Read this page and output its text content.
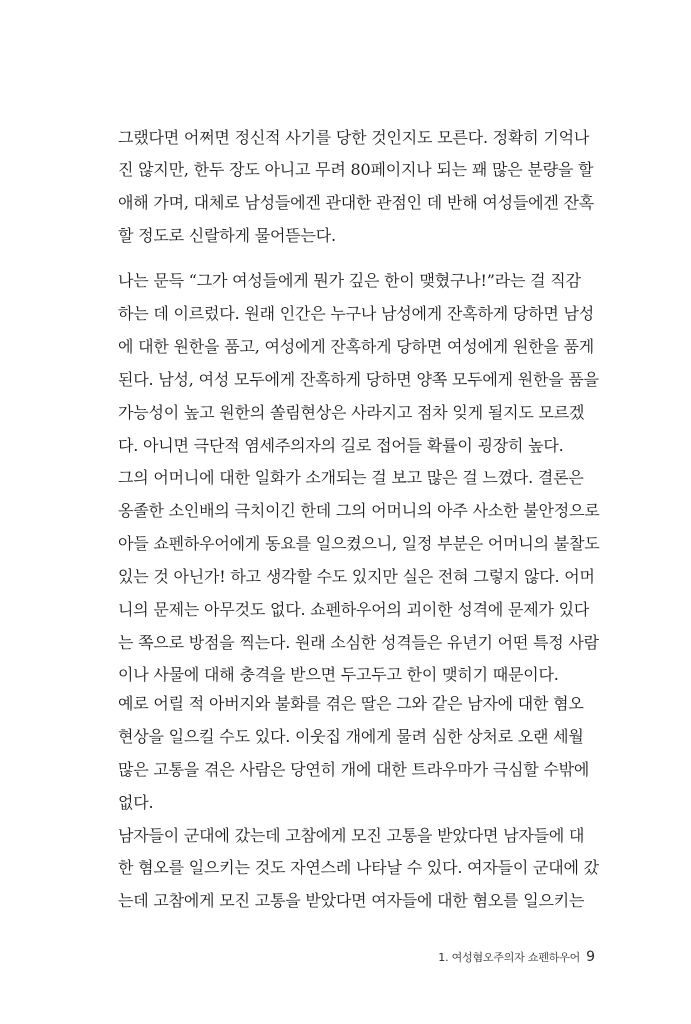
그랬다면 어쩌면 정신적 사기를 당한 것인지도 모른다. 정확히 기억나
진 않지만, 한두 장도 아니고 무려 80페이지나 되는 꽤 많은 분량을 할
애해 가며, 대체로 남성들에겐 관대한 관점인 데 반해 여성들에겐 잔혹
할 정도로 신랄하게 물어뜯는다.
나는 문득 “그가 여성들에게 뭔가 깊은 한이 맺혔구나!”라는 걸 직감
하는 데 이르렀다. 원래 인간은 누구나 남성에게 잔혹하게 당하면 남성
에 대한 원한을 품고, 여성에게 잔혹하게 당하면 여성에게 원한을 품게
된다. 남성, 여성 모두에게 잔혹하게 당하면 양쪽 모두에게 원한을 품을
가능성이 높고 원한의 쏠림현상은 사라지고 점차 잊게 될지도 모르겠
다. 아니면 극단적 염세주의자의 길로 접어들 확률이 굉장히 높다.
그의 어머니에 대한 일화가 소개되는 걸 보고 많은 걸 느꼈다. 결론은
옹졸한 소인배의 극치이긴 한데 그의 어머니의 아주 사소한 불안정으로
아들 쇼펜하우어에게 동요를 일으켰으니, 일정 부분은 어머니의 불찰도
있는 것 아닌가! 하고 생각할 수도 있지만 실은 전혀 그렇지 않다. 어머
니의 문제는 아무것도 없다. 쇼펜하우어의 괴이한 성격에 문제가 있다
는 쪽으로 방점을 찍는다. 원래 소심한 성격들은 유년기 어떤 특정 사람
이나 사물에 대해 충격을 받으면 두고두고 한이 맺히기 때문이다.
예로 어릴 적 아버지와 불화를 겪은 딸은 그와 같은 남자에 대한 혐오
현상을 일으킬 수도 있다. 이웃집 개에게 물려 심한 상처로 오랜 세월
많은 고통을 겪은 사람은 당연히 개에 대한 트라우마가 극심할 수밖에
없다.
남자들이 군대에 갔는데 고참에게 모진 고통을 받았다면 남자들에 대
한 혐오를 일으키는 것도 자연스레 나타날 수 있다. 여자들이 군대에 갔
는데 고참에게 모진 고통을 받았다면 여자들에 대한 혐오를 일으키는
1. 여성혐오주의자 쇼펜하우어 9
